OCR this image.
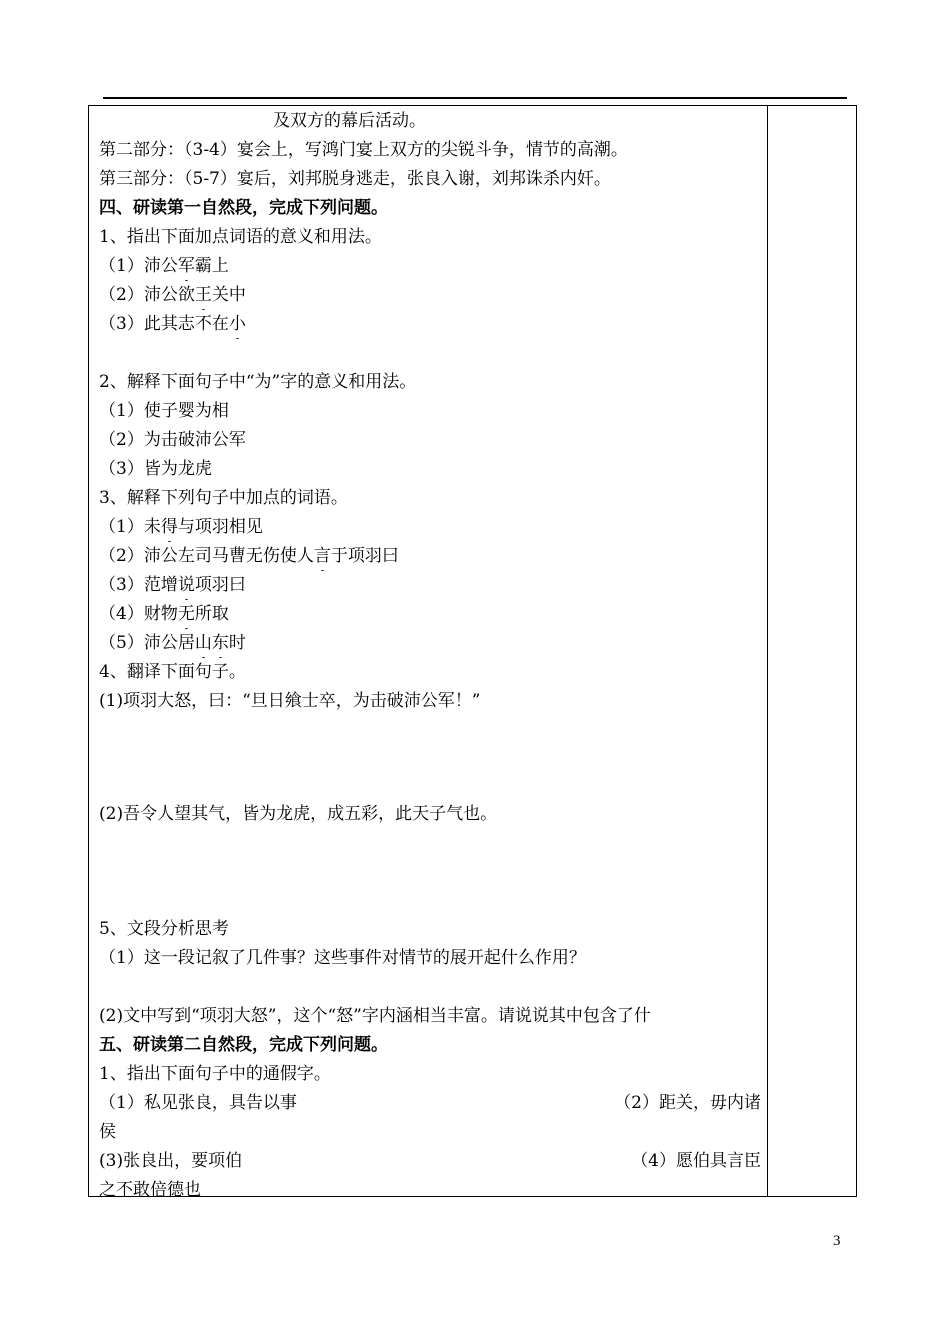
及双方的幕后活动。
第二部分：（3-4）宴会上，写鸿门宴上双方的尖锐斗争，情节的高潮。
第三部分：（5-7）宴后，刘邦脱身逃走，张良入谢，刘邦诛杀内奸。
四、研读第一自然段，完成下列问题。
1、指出下面加点词语的意义和用法。
（1）沛公军霸上
（2）沛公欲王关中
（3）此其志不在小
2、解释下面句子中“为”字的意义和用法。
（1）使子婴为相
（2）为击破沛公军
（3）皆为龙虎
3、解释下列句子中加点的词语。
（1）未得与项羽相见
（2）沛公左司马曹无伤使人言于项羽曰
（3）范增说项羽曰
（4）财物无所取
（5）沛公居山东时
4、翻译下面句子。
(1)项羽大怒，曰：“旦日飨士卒，为击破沛公军！”
(2)吾令人望其气，皆为龙虎，成五彩，此天子气也。
5、文段分析思考
（1）这一段记叙了几件事？这些事件对情节的展开起什么作用？
(2)文中写到“项羽大怒”，这个“怒”字内涵相当丰富。请说说其中包含了什
五、研读第二自然段，完成下列问题。
1、指出下面句子中的通假字。
（1）私见张良，具告以事	（2）距关，毋内诸
侯
(3)张良出，要项伯	（4）愿伯具言臣
之不敢倍德也
3
